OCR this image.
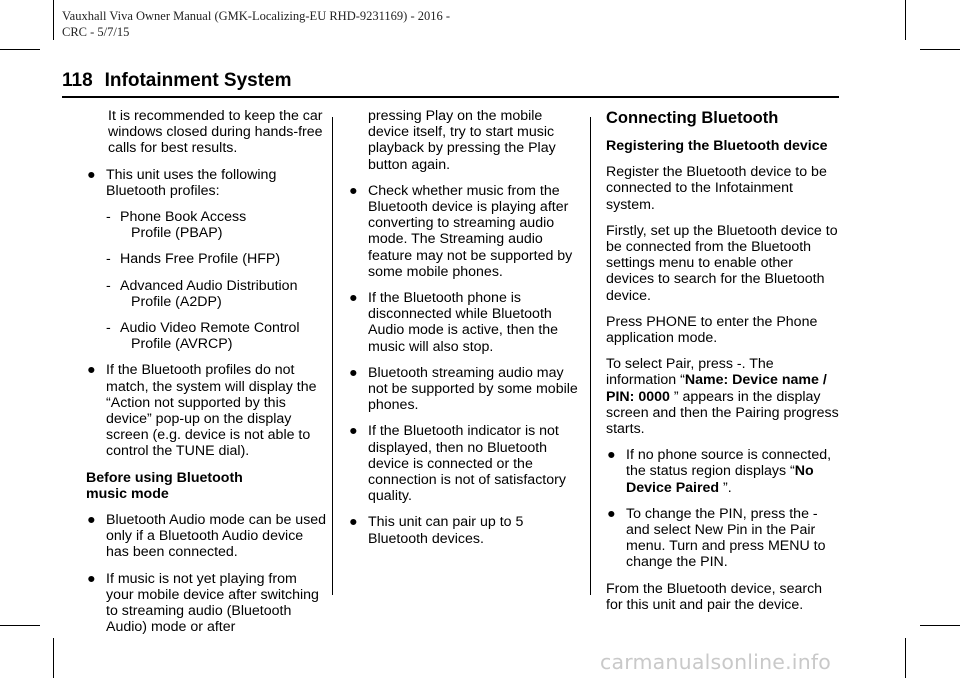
Vauxhall Viva Owner Manual (GMK-Localizing-EU RHD-9231169) - 2016 -
CRC - 5/7/15
118 Infotainment System

It is recommended to keep the car windows closed during hands-free calls for best results.

● This unit uses the following Bluetooth profiles:
- Phone Book Access
Profile (PBAP)
- Hands Free Profile (HFP)
- Advanced Audio Distribution
Profile (A2DP)
- Audio Video Remote Control
Profile (AVRCP)
● If the Bluetooth profiles do not match, the system will display the “Action not supported by this device” pop-up on the display screen (e.g. device is not able to control the TUNE dial).

Before using Bluetooth music mode

● Bluetooth Audio mode can be used only if a Bluetooth Audio device has been connected.
● If music is not yet playing from your mobile device after switching to streaming audio (Bluetooth Audio) mode or after

pressing Play on the mobile device itself, try to start music playback by pressing the Play button again.

● Check whether music from the Bluetooth device is playing after converting to streaming audio mode. The Streaming audio feature may not be supported by some mobile phones.
● If the Bluetooth phone is disconnected while Bluetooth Audio mode is active, then the music will also stop.
● Bluetooth streaming audio may not be supported by some mobile phones.
● If the Bluetooth indicator is not displayed, then no Bluetooth device is connected or the connection is not of satisfactory quality.
● This unit can pair up to 5 Bluetooth devices.

Connecting Bluetooth

Registering the Bluetooth device

Register the Bluetooth device to be connected to the Infotainment system.

Firstly, set up the Bluetooth device to be connected from the Bluetooth settings menu to enable other devices to search for the Bluetooth device.

Press PHONE to enter the Phone application mode.

To select Pair, press -. The information “Name: Device name / PIN: 0000 ” appears in the display screen and then the Pairing progress starts.

● If no phone source is connected, the status region displays “No Device Paired ”.
● To change the PIN, press the - and select New Pin in the Pair menu. Turn and press MENU to change the PIN.

From the Bluetooth device, search for this unit and pair the device.

carmanualsonline.info
